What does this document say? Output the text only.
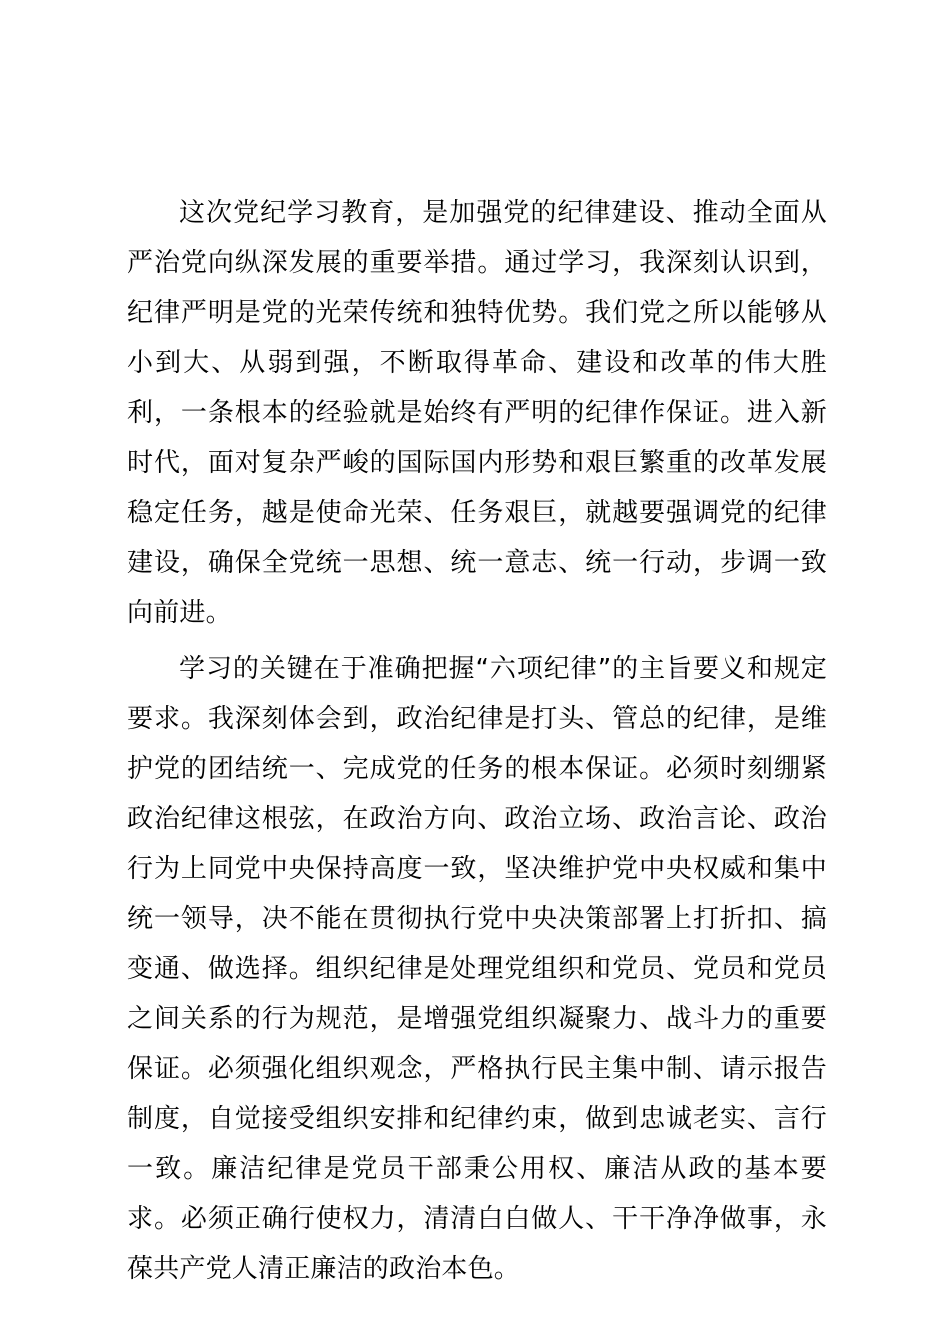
这次党纪学习教育，是加强党的纪律建设、推动全面从严治党向纵深发展的重要举措。通过学习，我深刻认识到，纪律严明是党的光荣传统和独特优势。我们党之所以能够从小到大、从弱到强，不断取得革命、建设和改革的伟大胜利，一条根本的经验就是始终有严明的纪律作保证。进入新时代，面对复杂严峻的国际国内形势和艰巨繁重的改革发展稳定任务，越是使命光荣、任务艰巨，就越要强调党的纪律建设，确保全党统一思想、统一意志、统一行动，步调一致向前进。

学习的关键在于准确把握“六项纪律”的主旨要义和规定要求。我深刻体会到，政治纪律是打头、管总的纪律，是维护党的团结统一、完成党的任务的根本保证。必须时刻绷紧政治纪律这根弦，在政治方向、政治立场、政治言论、政治行为上同党中央保持高度一致，坚决维护党中央权威和集中统一领导，决不能在贯彻执行党中央决策部署上打折扣、搞变通、做选择。组织纪律是处理党组织和党员、党员和党员之间关系的行为规范，是增强党组织凝聚力、战斗力的重要保证。必须强化组织观念，严格执行民主集中制、请示报告制度，自觉接受组织安排和纪律约束，做到忠诚老实、言行一致。廉洁纪律是党员干部秉公用权、廉洁从政的基本要求。必须正确行使权力，清清白白做人、干干净净做事，永葆共产党人清正廉洁的政治本色。
